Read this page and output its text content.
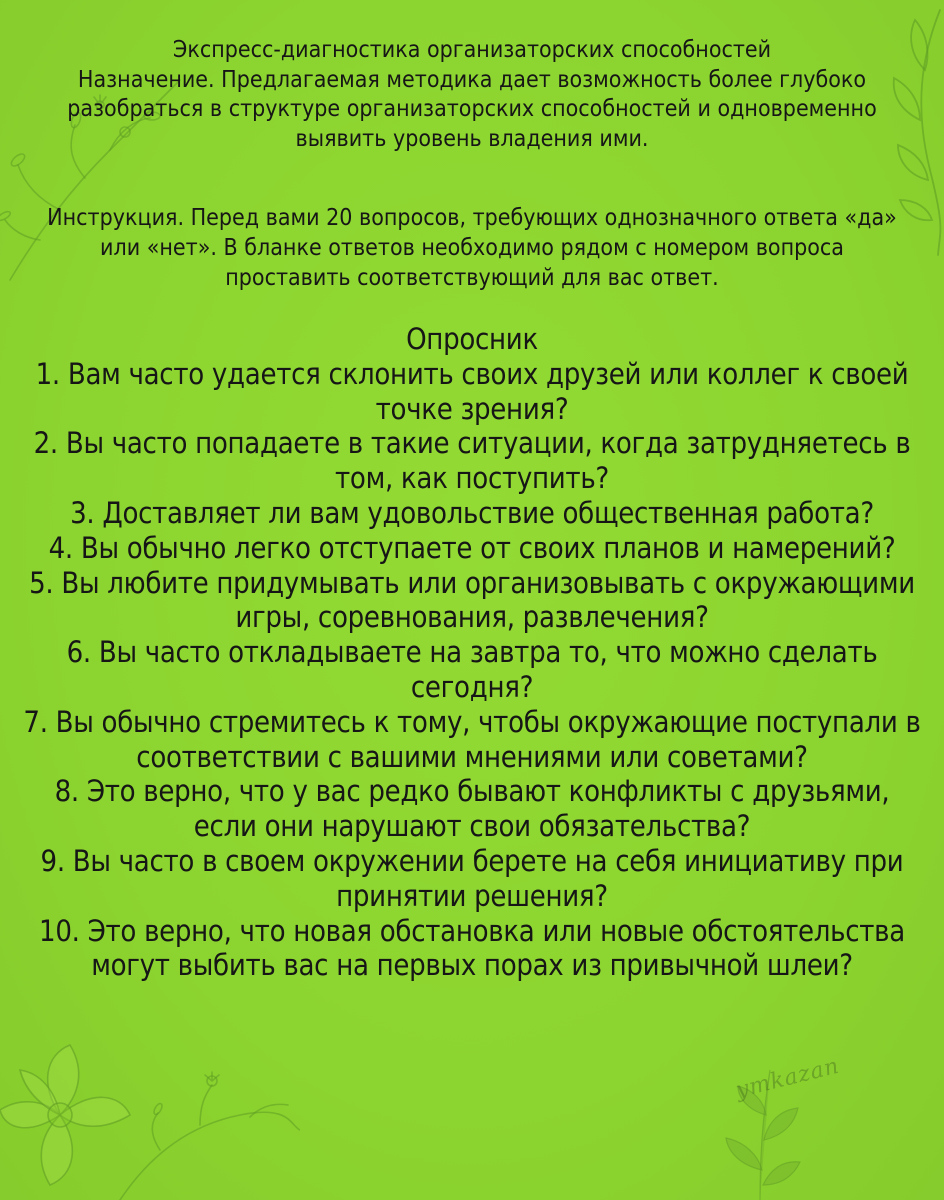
ymkazan

Экспресс-диагностика организаторских способностей

Назначение. Предлагаемая методика дает возможность более глубоко разобраться в структуре организаторских способностей и одновременно выявить уровень владения ими.

Инструкция. Перед вами 20 вопросов, требующих однозначного ответа «да» или «нет». В бланке ответов необходимо рядом с номером вопроса проставить соответствующий для вас ответ.
Опросник
1. Вам часто удается склонить своих друзей или коллег к своей точке зрения?
2. Вы часто попадаете в такие ситуации, когда затрудняетесь в том, как поступить?
3. Доставляет ли вам удовольствие общественная работа?
4. Вы обычно легко отступаете от своих планов и намерений?
5. Вы любите придумывать или организовывать с окружающими игры, соревнования, развлечения?
6. Вы часто откладываете на завтра то, что можно сделать сегодня?
7. Вы обычно стремитесь к тому, чтобы окружающие поступали в соответствии с вашими мнениями или советами?
8. Это верно, что у вас редко бывают конфликты с друзьями, если они нарушают свои обязательства?
9. Вы часто в своем окружении берете на себя инициативу при принятии решения?
10. Это верно, что новая обстановка или новые обстоятельства могут выбить вас на первых порах из привычной шлеи?
